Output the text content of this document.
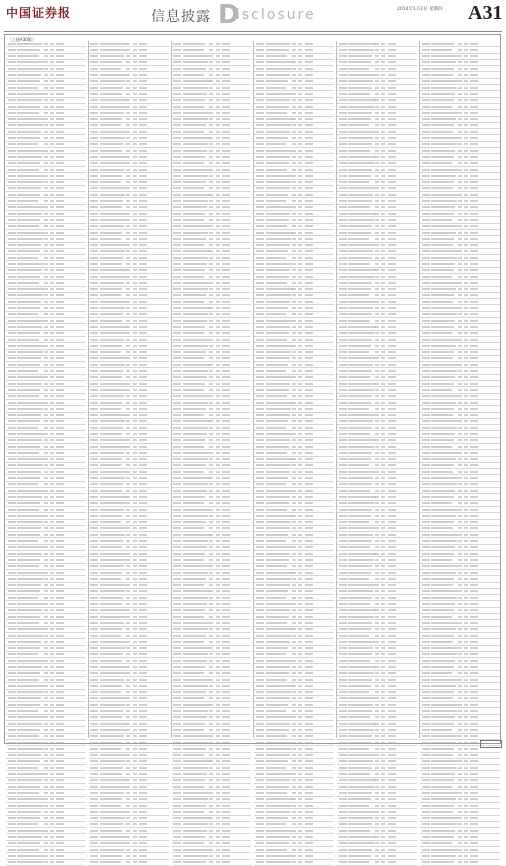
中国证券报	信息披露 D
isclosure	2014年1月2日 星期四 A31
（上接A30版）
